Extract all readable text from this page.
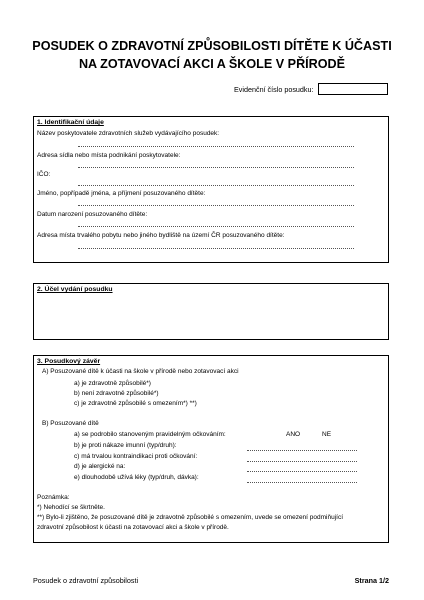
POSUDEK O ZDRAVOTNÍ ZPŮSOBILOSTI DÍTĚTE K ÚČASTI
NA ZOTAVOVACÍ AKCI A ŠKOLE V PŘÍRODĚ
Evidenční číslo posudku:
1. Identifikační údaje
Název poskytovatele zdravotních služeb vydávajícího posudek:
Adresa sídla nebo místa podnikání poskytovatele:
IČO:
Jméno, popřípadě jména, a příjmení posuzovaného dítěte:
Datum narození posuzovaného dítěte:
Adresa místa trvalého pobytu nebo jiného bydliště na území ČR posuzovaného dítěte:
2. Účel vydání posudku
3. Posudkový závěr
A) Posuzované dítě k účasti na škole v přírodě nebo zotavovací akci
a) je zdravotně způsobilé*)
b) není zdravotně způsobilé*)
c) je zdravotně způsobilé s omezením*) **)
B) Posuzované dítě
a) se podrobilo stanoveným pravidelným očkováním:	ANO	NE
b) je proti nákaze imunní (typ/druh):
c) má trvalou kontraindikaci proti očkování:
d) je alergické na:
e) dlouhodobě užívá léky (typ/druh, dávka):
Poznámka:
*) Nehodící se škrtněte.
**) Bylo-li zjištěno, že posuzované dítě je zdravotně způsobilé s omezením, uvede se omezení podmiňující
zdravotní způsobilost k účasti na zotavovací akci a škole v přírodě.
Posudek o zdravotní způsobilosti	Strana 1/2
